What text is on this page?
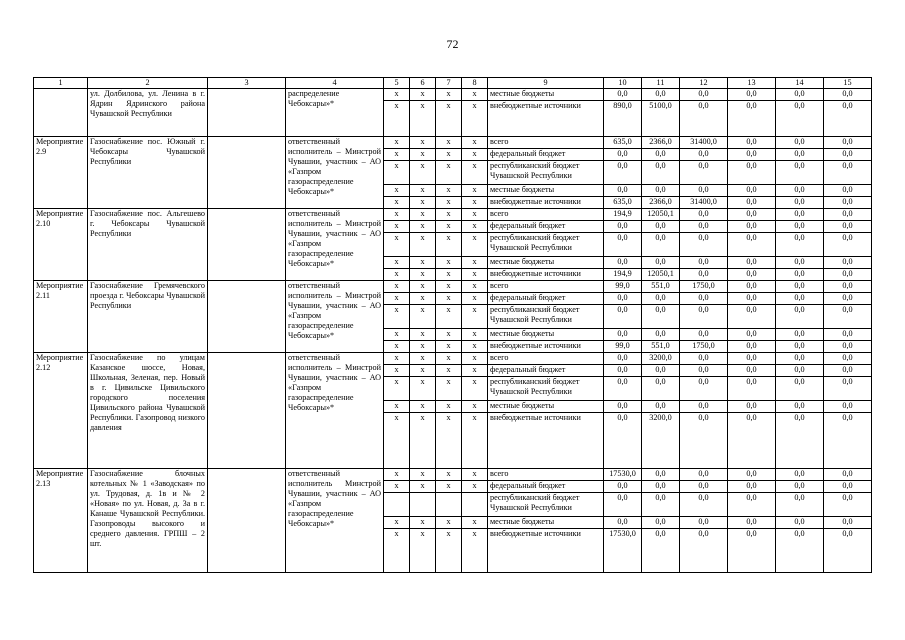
72
1	2	3	4	5	6	7	8	9	10	11	12	13	14	15
	ул. Долбилова, ул. Ленина в г. Ядрин Ядринского района Чувашской Республики		распределение Чебоксары»*	х	х	х	х	местные бюджеты	0,0	0,0	0,0	0,0	0,0	0,0
				х	х	х	х	внебюджетные источники	890,0	5100,0	0,0	0,0	0,0	0,0
Мероприятие 2.9	Газоснабжение пос. Южный г. Чебоксары Чувашской Республики		ответственный исполнитель – Минстрой Чувашии, участник – АО «Газпром газораспределение Чебоксары»*	х	х	х	х	всего	635,0	2366,0	31400,0	0,0	0,0	0,0
				х	х	х	х	федеральный бюджет	0,0	0,0	0,0	0,0	0,0	0,0
				х	х	х	х	республиканский бюджет Чувашской Республики	0,0	0,0	0,0	0,0	0,0	0,0
				х	х	х	х	местные бюджеты	0,0	0,0	0,0	0,0	0,0	0,0
				х	х	х	х	внебюджетные источники	635,0	2366,0	31400,0	0,0	0,0	0,0
Мероприятие 2.10	Газоснабжение пос. Альгешево г. Чебоксары Чувашской Республики		ответственный исполнитель – Минстрой Чувашии, участник – АО «Газпром газораспределение Чебоксары»*	х	х	х	х	всего	194,9	12050,1	0,0	0,0	0,0	0,0
				х	х	х	х	федеральный бюджет	0,0	0,0	0,0	0,0	0,0	0,0
				х	х	х	х	республиканский бюджет Чувашской Республики	0,0	0,0	0,0	0,0	0,0	0,0
				х	х	х	х	местные бюджеты	0,0	0,0	0,0	0,0	0,0	0,0
				х	х	х	х	внебюджетные источники	194,9	12050,1	0,0	0,0	0,0	0,0
Мероприятие 2.11	Газоснабжение Гремячевского проезда г. Чебоксары Чувашской Республики		ответственный исполнитель – Минстрой Чувашии, участник – АО «Газпром газораспределение Чебоксары»*	х	х	х	х	всего	99,0	551,0	1750,0	0,0	0,0	0,0
				х	х	х	х	федеральный бюджет	0,0	0,0	0,0	0,0	0,0	0,0
				х	х	х	х	республиканский бюджет Чувашской Республики	0,0	0,0	0,0	0,0	0,0	0,0
				х	х	х	х	местные бюджеты	0,0	0,0	0,0	0,0	0,0	0,0
				х	х	х	х	внебюджетные источники	99,0	551,0	1750,0	0,0	0,0	0,0
Мероприятие 2.12	Газоснабжение по улицам Казанское шоссе, Новая, Школьная, Зеленая, пер. Новый в г. Цивильске Цивильского городского поселения Цивильского района Чувашской Республики. Газопровод низкого давления		ответственный исполнитель – Минстрой Чувашии, участник – АО «Газпром газораспределение Чебоксары»*	х	х	х	х	всего	0,0	3200,0	0,0	0,0	0,0	0,0
				х	х	х	х	федеральный бюджет	0,0	0,0	0,0	0,0	0,0	0,0
				х	х	х	х	республиканский бюджет Чувашской Республики	0,0	0,0	0,0	0,0	0,0	0,0
				х	х	х	х	местные бюджеты	0,0	0,0	0,0	0,0	0,0	0,0
				х	х	х	х	внебюджетные источники	0,0	3200,0	0,0	0,0	0,0	0,0
Мероприятие 2.13	Газоснабжение блочных котельных № 1 «Заводская» по ул. Трудовая, д. 1в и № 2 «Новая» по ул. Новая, д. 3а в г. Канаше Чувашской Республики. Газопроводы высокого и среднего давления. ГРПШ – 2 шт.		ответственный исполнитель Минстрой Чувашии, участник – АО «Газпром газораспределение Чебоксары»*	х	х	х	х	всего	17530,0	0,0	0,0	0,0	0,0	0,0
				х	х	х	х	федеральный бюджет	0,0	0,0	0,0	0,0	0,0	0,0
								республиканский бюджет Чувашской Республики	0,0	0,0	0,0	0,0	0,0	0,0
				х	х	х	х	местные бюджеты	0,0	0,0	0,0	0,0	0,0	0,0
				х	х	х	х	внебюджетные источники	17530,0	0,0	0,0	0,0	0,0	0,0
